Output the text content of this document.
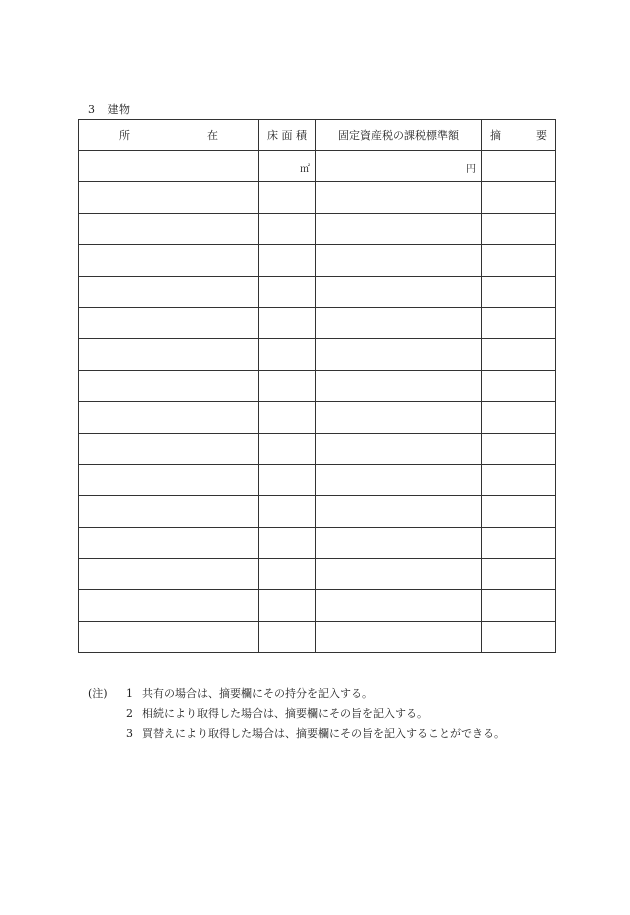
3 建物
所 在	床 面 積	固定資産税の課税標準額	摘 要

	㎡	円	

(注)	1 共有の場合は、摘要欄にその持分を記入する。
2 相続により取得した場合は、摘要欄にその旨を記入する。
3 買替えにより取得した場合は、摘要欄にその旨を記入することができる。
